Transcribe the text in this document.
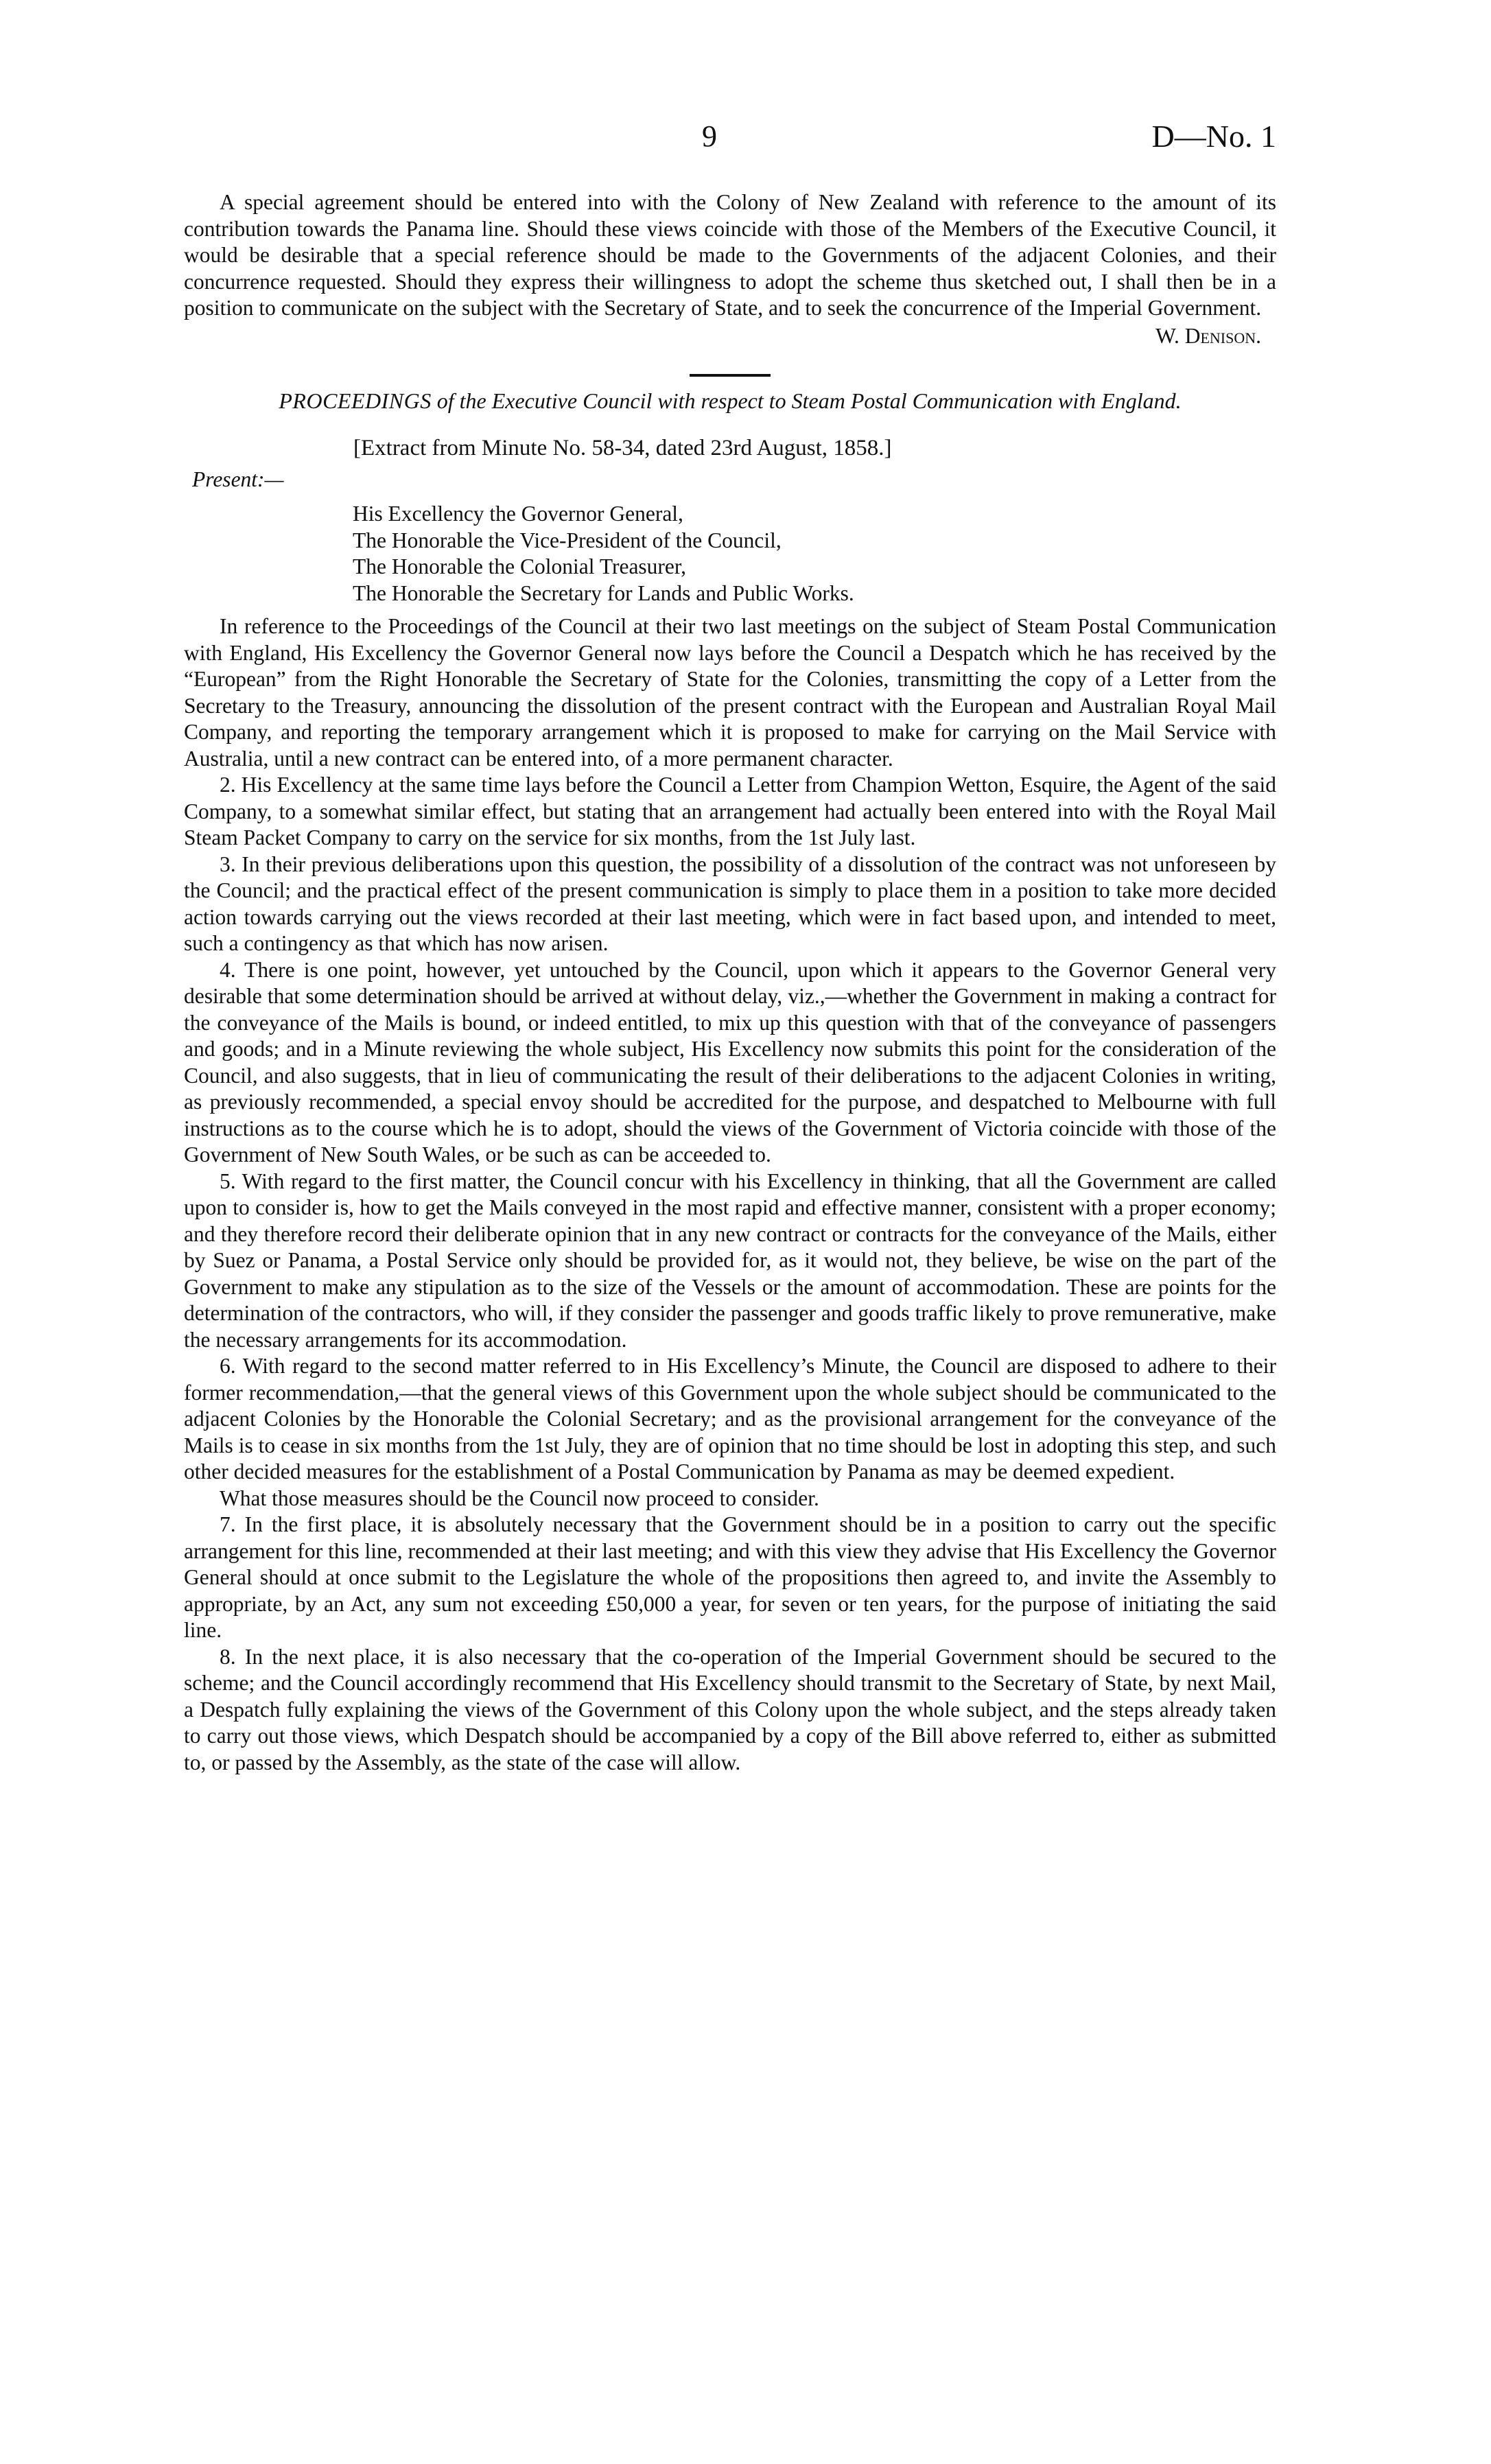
9	D—No. 1

A special agreement should be entered into with the Colony of New Zealand with reference to the amount of its contribution towards the Panama line. Should these views coincide with those of the Members of the Executive Council, it would be desirable that a special reference should be made to the Governments of the adjacent Colonies, and their concurrence requested. Should they express their willingness to adopt the scheme thus sketched out, I shall then be in a position to communicate on the subject with the Secretary of State, and to seek the concurrence of the Imperial Government.

W. Denison.
PROCEEDINGS of the Executive Council with respect to Steam Postal Communication with England.
[Extract from Minute No. 58-34, dated 23rd August, 1858.]
Present:—
His Excellency the Governor General,
The Honorable the Vice-President of the Council,
The Honorable the Colonial Treasurer,
The Honorable the Secretary for Lands and Public Works.

In reference to the Proceedings of the Council at their two last meetings on the subject of Steam Postal Communication with England, His Excellency the Governor General now lays before the Council a Despatch which he has received by the “European” from the Right Honorable the Secretary of State for the Colonies, transmitting the copy of a Letter from the Secretary to the Treasury, announcing the dissolution of the present contract with the European and Australian Royal Mail Company, and reporting the temporary arrangement which it is proposed to make for carrying on the Mail Service with Australia, until a new contract can be entered into, of a more permanent character.

2. His Excellency at the same time lays before the Council a Letter from Champion Wetton, Esquire, the Agent of the said Company, to a somewhat similar effect, but stating that an arrangement had actually been entered into with the Royal Mail Steam Packet Company to carry on the service for six months, from the 1st July last.

3. In their previous deliberations upon this question, the possibility of a dissolution of the contract was not unforeseen by the Council; and the practical effect of the present communication is simply to place them in a position to take more decided action towards carrying out the views recorded at their last meeting, which were in fact based upon, and intended to meet, such a contingency as that which has now arisen.

4. There is one point, however, yet untouched by the Council, upon which it appears to the Governor General very desirable that some determination should be arrived at without delay, viz.,—whether the Government in making a contract for the conveyance of the Mails is bound, or indeed entitled, to mix up this question with that of the conveyance of passengers and goods; and in a Minute reviewing the whole subject, His Excellency now submits this point for the consideration of the Council, and also suggests, that in lieu of communicating the result of their deliberations to the adjacent Colonies in writing, as previously recommended, a special envoy should be accredited for the purpose, and despatched to Melbourne with full instructions as to the course which he is to adopt, should the views of the Government of Victoria coincide with those of the Government of New South Wales, or be such as can be acceeded to.

5. With regard to the first matter, the Council concur with his Excellency in thinking, that all the Government are called upon to consider is, how to get the Mails conveyed in the most rapid and effective manner, consistent with a proper economy; and they therefore record their deliberate opinion that in any new contract or contracts for the conveyance of the Mails, either by Suez or Panama, a Postal Service only should be provided for, as it would not, they believe, be wise on the part of the Government to make any stipulation as to the size of the Vessels or the amount of accommodation. These are points for the determination of the contractors, who will, if they consider the passenger and goods traffic likely to prove remunerative, make the necessary arrangements for its accommodation.

6. With regard to the second matter referred to in His Excellency’s Minute, the Council are disposed to adhere to their former recommendation,—that the general views of this Government upon the whole subject should be communicated to the adjacent Colonies by the Honorable the Colonial Secretary; and as the provisional arrangement for the conveyance of the Mails is to cease in six months from the 1st July, they are of opinion that no time should be lost in adopting this step, and such other decided measures for the establishment of a Postal Communication by Panama as may be deemed expedient.

What those measures should be the Council now proceed to consider.

7. In the first place, it is absolutely necessary that the Government should be in a position to carry out the specific arrangement for this line, recommended at their last meeting; and with this view they advise that His Excellency the Governor General should at once submit to the Legislature the whole of the propositions then agreed to, and invite the Assembly to appropriate, by an Act, any sum not exceeding £50,000 a year, for seven or ten years, for the purpose of initiating the said line.

8. In the next place, it is also necessary that the co-operation of the Imperial Government should be secured to the scheme; and the Council accordingly recommend that His Excellency should transmit to the Secretary of State, by next Mail, a Despatch fully explaining the views of the Government of this Colony upon the whole subject, and the steps already taken to carry out those views, which Despatch should be accompanied by a copy of the Bill above referred to, either as submitted to, or passed by the Assembly, as the state of the case will allow.
